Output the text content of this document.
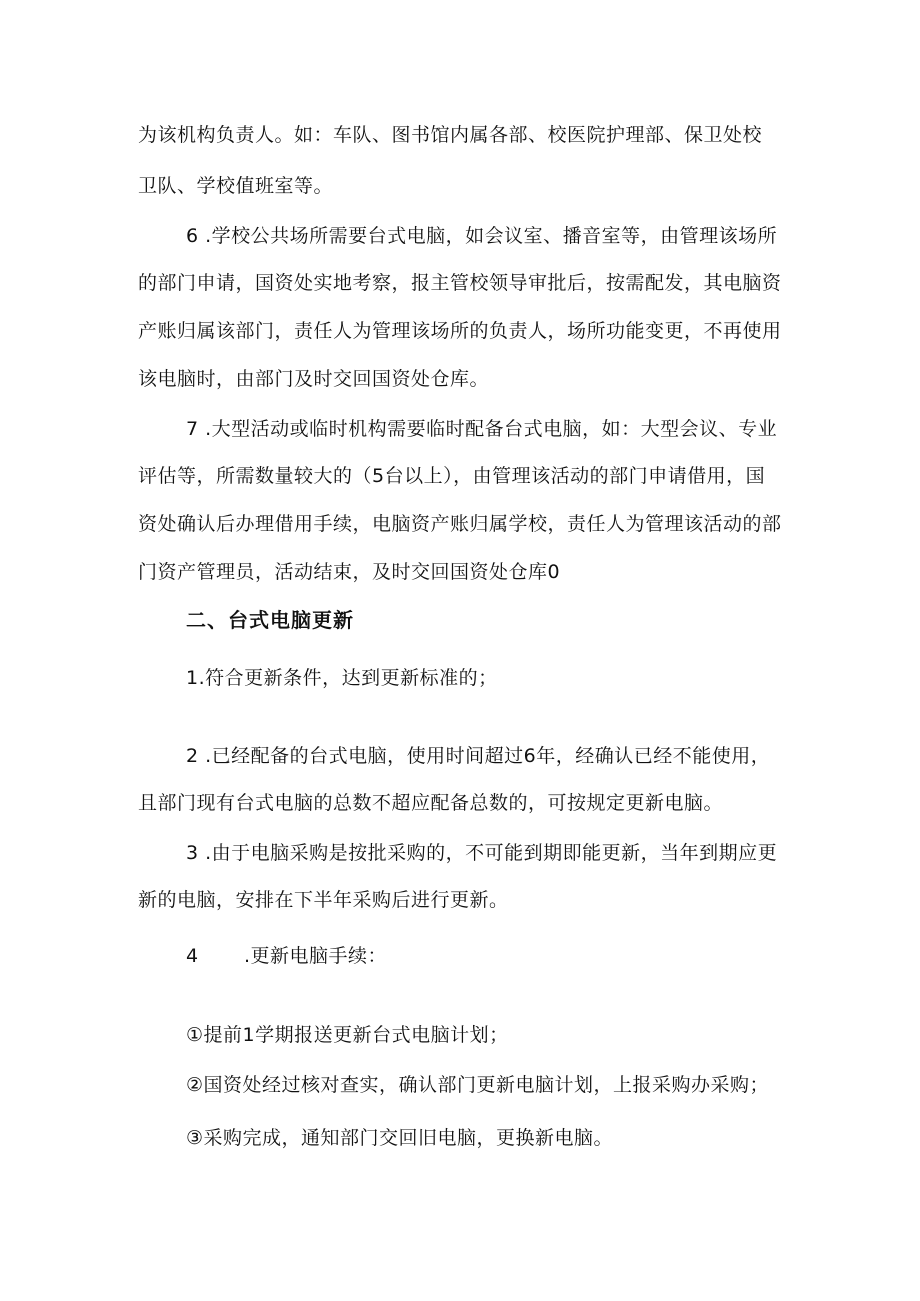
为该机构负责人。如：车队、图书馆内属各部、校医院护理部、保卫处校
卫队、学校值班室等。
6 .学校公共场所需要台式电脑，如会议室、播音室等，由管理该场所
的部门申请，国资处实地考察，报主管校领导审批后，按需配发，其电脑资
产账归属该部门，责任人为管理该场所的负责人，场所功能变更，不再使用
该电脑时，由部门及时交回国资处仓库。
7 .大型活动或临时机构需要临时配备台式电脑，如：大型会议、专业
评估等，所需数量较大的（5台以上），由管理该活动的部门申请借用，国
资处确认后办理借用手续，电脑资产账归属学校，责任人为管理该活动的部
门资产管理员，活动结束，及时交回国资处仓库0
二、台式电脑更新
1.符合更新条件，达到更新标准的；
2 .已经配备的台式电脑，使用时间超过6年，经确认已经不能使用，
且部门现有台式电脑的总数不超应配备总数的，可按规定更新电脑。
3 .由于电脑采购是按批采购的，不可能到期即能更新，当年到期应更
新的电脑，安排在下半年采购后进行更新。
4 .更新电脑手续：
①提前1学期报送更新台式电脑计划；
②国资处经过核对查实，确认部门更新电脑计划，上报采购办采购；
③采购完成，通知部门交回旧电脑，更换新电脑。
